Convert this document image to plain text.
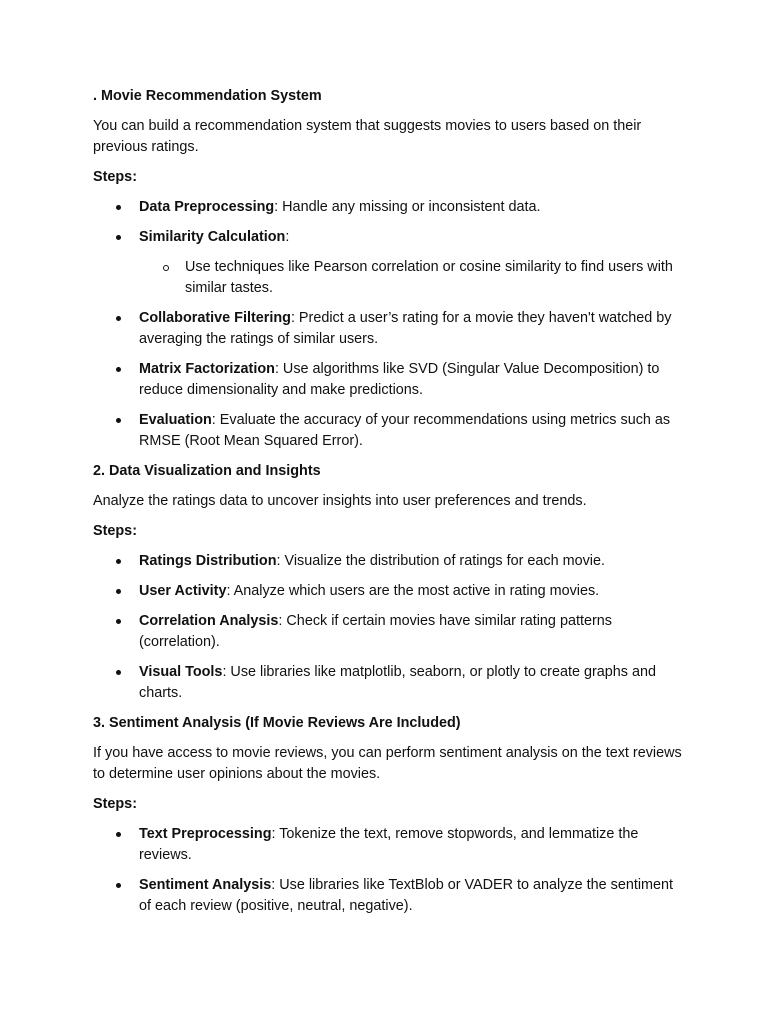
. Movie Recommendation System
You can build a recommendation system that suggests movies to users based on their previous ratings.
Steps:
Data Preprocessing: Handle any missing or inconsistent data.
Similarity Calculation:
Use techniques like Pearson correlation or cosine similarity to find users with similar tastes.
Collaborative Filtering: Predict a user’s rating for a movie they haven't watched by averaging the ratings of similar users.
Matrix Factorization: Use algorithms like SVD (Singular Value Decomposition) to reduce dimensionality and make predictions.
Evaluation: Evaluate the accuracy of your recommendations using metrics such as RMSE (Root Mean Squared Error).
2. Data Visualization and Insights
Analyze the ratings data to uncover insights into user preferences and trends.
Steps:
Ratings Distribution: Visualize the distribution of ratings for each movie.
User Activity: Analyze which users are the most active in rating movies.
Correlation Analysis: Check if certain movies have similar rating patterns (correlation).
Visual Tools: Use libraries like matplotlib, seaborn, or plotly to create graphs and charts.
3. Sentiment Analysis (If Movie Reviews Are Included)
If you have access to movie reviews, you can perform sentiment analysis on the text reviews to determine user opinions about the movies.
Steps:
Text Preprocessing: Tokenize the text, remove stopwords, and lemmatize the reviews.
Sentiment Analysis: Use libraries like TextBlob or VADER to analyze the sentiment of each review (positive, neutral, negative).
